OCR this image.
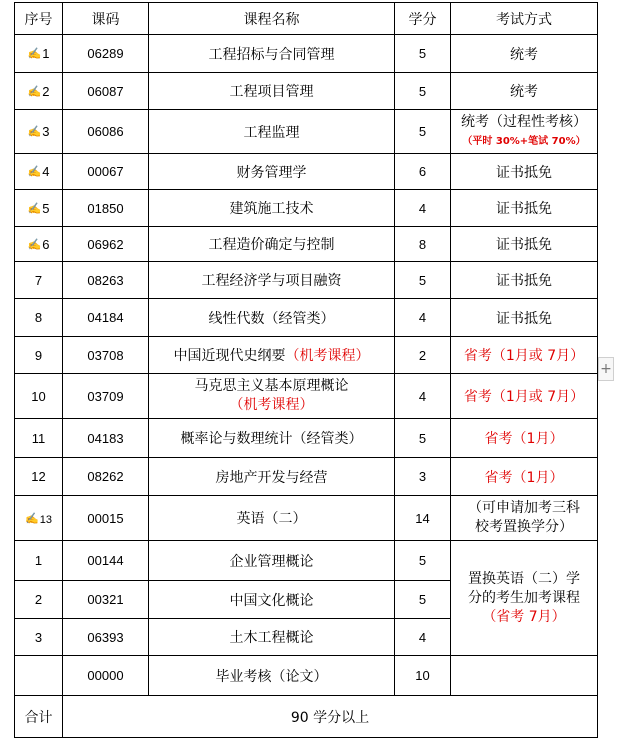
序号	课码	课程名称	学分	考试方式
✍1	06289	工程招标与合同管理	5	统考
✍2	06087	工程项目管理	5	统考
✍3	06086	工程监理	5	统考（过程性考核）
（平时 30%+笔试 70%）

✍4	00067	财务管理学	6	证书抵免
✍5	01850	建筑施工技术	4	证书抵免
✍6	06962	工程造价确定与控制	8	证书抵免
7	08263	工程经济学与项目融资	5	证书抵免
8	04184	线性代数（经管类）	4	证书抵免
9	03708	中国近现代史纲要（机考课程）	2	省考（1月或 7月）
10	03709	马克思主义基本原理概论
（机考课程）	4	省考（1月或 7月）
11	04183	概率论与数理统计（经管类）	5	省考（1月）
12	08262	房地产开发与经营	3	省考（1月）
✍13	00015	英语（二）	14	（可申请加考三科
校考置换学分）

1	00144	企业管理概论	5	置换英语（二）学
分的考生加考课程
（省考 7月）

2	00321	中国文化概论	5	
3	06393	土木工程概论	4	
	00000	毕业考核（论文）	10	
合计	90 学分以上			
+
